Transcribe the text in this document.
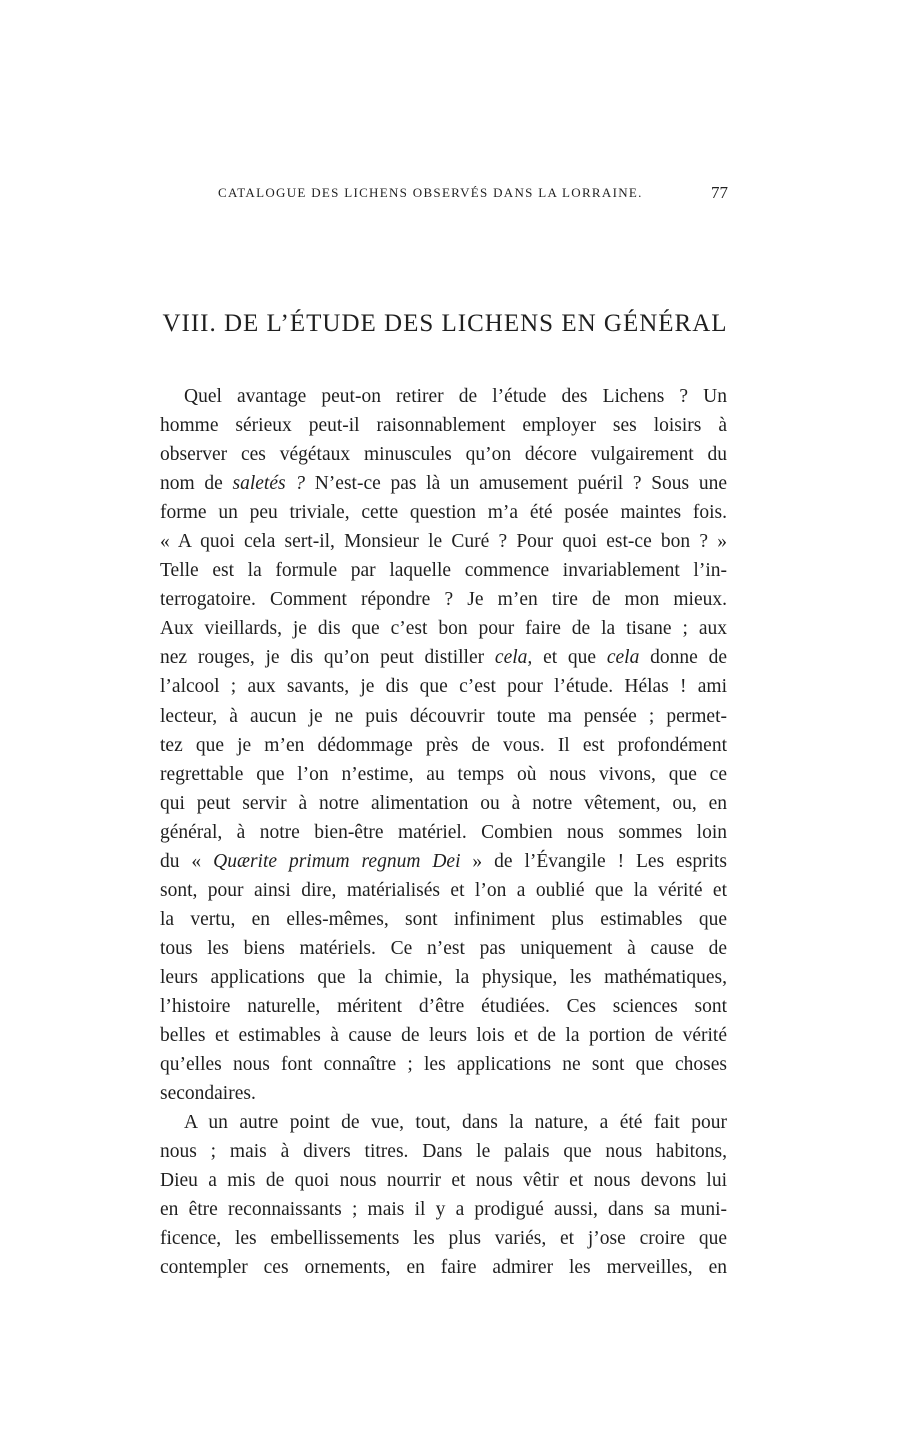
CATALOGUE DES LICHENS OBSERVÉS DANS LA LORRAINE.	77
VIII. DE L’ÉTUDE DES LICHENS EN GÉNÉRAL
Quel avantage peut-on retirer de l’étude des Lichens ? Un
homme sérieux peut-il raisonnablement employer ses loisirs à
observer ces végétaux minuscules qu’on décore vulgairement du
nom de saletés ? N’est-ce pas là un amusement puéril ? Sous une
forme un peu triviale, cette question m’a été posée maintes fois.
« A quoi cela sert-il, Monsieur le Curé ? Pour quoi est-ce bon ? »
Telle est la formule par laquelle commence invariablement l’in-
terrogatoire. Comment répondre ? Je m’en tire de mon mieux.
Aux vieillards, je dis que c’est bon pour faire de la tisane ; aux
nez rouges, je dis qu’on peut distiller cela, et que cela donne de
l’alcool ; aux savants, je dis que c’est pour l’étude. Hélas ! ami
lecteur, à aucun je ne puis découvrir toute ma pensée ; permet-
tez que je m’en dédommage près de vous. Il est profondément
regrettable que l’on n’estime, au temps où nous vivons, que ce
qui peut servir à notre alimentation ou à notre vêtement, ou, en
général, à notre bien-être matériel. Combien nous sommes loin
du « Quærite primum regnum Dei » de l’Évangile ! Les esprits
sont, pour ainsi dire, matérialisés et l’on a oublié que la vérité et
la vertu, en elles-mêmes, sont infiniment plus estimables que
tous les biens matériels. Ce n’est pas uniquement à cause de
leurs applications que la chimie, la physique, les mathématiques,
l’histoire naturelle, méritent d’être étudiées. Ces sciences sont
belles et estimables à cause de leurs lois et de la portion de vérité
qu’elles nous font connaître ; les applications ne sont que choses
secondaires.
A un autre point de vue, tout, dans la nature, a été fait pour
nous ; mais à divers titres. Dans le palais que nous habitons,
Dieu a mis de quoi nous nourrir et nous vêtir et nous devons lui
en être reconnaissants ; mais il y a prodigué aussi, dans sa muni-
ficence, les embellissements les plus variés, et j’ose croire que
contempler ces ornements, en faire admirer les merveilles, en
